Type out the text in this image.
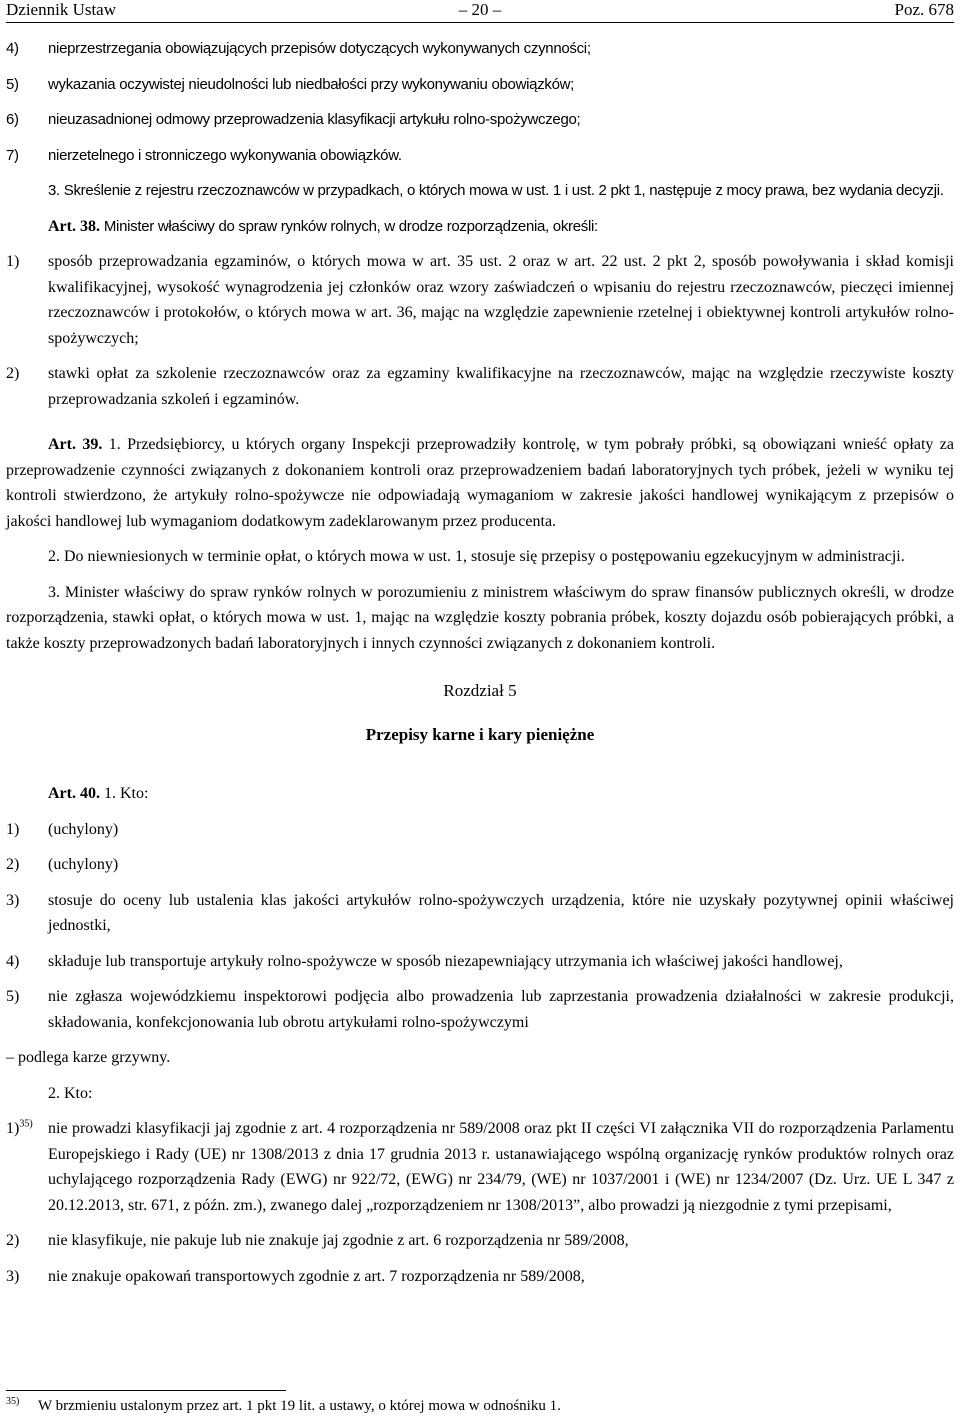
Dziennik Ustaw	– 20 –	Poz. 678
4) nieprzestrzegania obowiązujących przepisów dotyczących wykonywanych czynności;
5) wykazania oczywistej nieudolności lub niedbałości przy wykonywaniu obowiązków;
6) nieuzasadnionej odmowy przeprowadzenia klasyfikacji artykułu rolno-spożywczego;
7) nierzetelnego i stronniczego wykonywania obowiązków.
3. Skreślenie z rejestru rzeczoznawców w przypadkach, o których mowa w ust. 1 i ust. 2 pkt 1, następuje z mocy prawa, bez wydania decyzji.
Art. 38. Minister właściwy do spraw rynków rolnych, w drodze rozporządzenia, określi:
1) sposób przeprowadzania egzaminów, o których mowa w art. 35 ust. 2 oraz w art. 22 ust. 2 pkt 2, sposób powoływania i skład komisji kwalifikacyjnej, wysokość wynagrodzenia jej członków oraz wzory zaświadczeń o wpisaniu do rejestru rzeczoznawców, pieczęci imiennej rzeczoznawców i protokołów, o których mowa w art. 36, mając na względzie zapewnienie rzetelnej i obiektywnej kontroli artykułów rolno-spożywczych;
2) stawki opłat za szkolenie rzeczoznawców oraz za egzaminy kwalifikacyjne na rzeczoznawców, mając na względzie rzeczywiste koszty przeprowadzania szkoleń i egzaminów.
Art. 39. 1. Przedsiębiorcy, u których organy Inspekcji przeprowadziły kontrolę, w tym pobrały próbki, są obowiązani wnieść opłaty za przeprowadzenie czynności związanych z dokonaniem kontroli oraz przeprowadzeniem badań laboratoryjnych tych próbek, jeżeli w wyniku tej kontroli stwierdzono, że artykuły rolno-spożywcze nie odpowiadają wymaganiom w zakresie jakości handlowej wynikającym z przepisów o jakości handlowej lub wymaganiom dodatkowym zadeklarowanym przez producenta.
2. Do niewniesionych w terminie opłat, o których mowa w ust. 1, stosuje się przepisy o postępowaniu egzekucyjnym w administracji.
3. Minister właściwy do spraw rynków rolnych w porozumieniu z ministrem właściwym do spraw finansów publicznych określi, w drodze rozporządzenia, stawki opłat, o których mowa w ust. 1, mając na względzie koszty pobrania próbek, koszty dojazdu osób pobierających próbki, a także koszty przeprowadzonych badań laboratoryjnych i innych czynności związanych z dokonaniem kontroli.
Rozdział 5
Przepisy karne i kary pieniężne
Art. 40. 1. Kto:
1) (uchylony)
2) (uchylony)
3) stosuje do oceny lub ustalenia klas jakości artykułów rolno-spożywczych urządzenia, które nie uzyskały pozytywnej opinii właściwej jednostki,
4) składuje lub transportuje artykuły rolno-spożywcze w sposób niezapewniający utrzymania ich właściwej jakości handlowej,
5) nie zgłasza wojewódzkiemu inspektorowi podjęcia albo prowadzenia lub zaprzestania prowadzenia działalności w zakresie produkcji, składowania, konfekcjonowania lub obrotu artykułami rolno-spożywczymi
– podlega karze grzywny.
2. Kto:
1)$^{35)}$ nie prowadzi klasyfikacji jaj zgodnie z art. 4 rozporządzenia nr 589/2008 oraz pkt II części VI załącznika VII do rozporządzenia Parlamentu Europejskiego i Rady (UE) nr 1308/2013 z dnia 17 grudnia 2013 r. ustanawiającego wspólną organizację rynków produktów rolnych oraz uchylającego rozporządzenia Rady (EWG) nr 922/72, (EWG) nr 234/79, (WE) nr 1037/2001 i (WE) nr 1234/2007 (Dz. Urz. UE L 347 z 20.12.2013, str. 671, z późn. zm.), zwanego dalej „rozporządzeniem nr 1308/2013”, albo prowadzi ją niezgodnie z tymi przepisami,
2) nie klasyfikuje, nie pakuje lub nie znakuje jaj zgodnie z art. 6 rozporządzenia nr 589/2008,
3) nie znakuje opakowań transportowych zgodnie z art. 7 rozporządzenia nr 589/2008,
35)	W brzmieniu ustalonym przez art. 1 pkt 19 lit. a ustawy, o której mowa w odnośniku 1.
